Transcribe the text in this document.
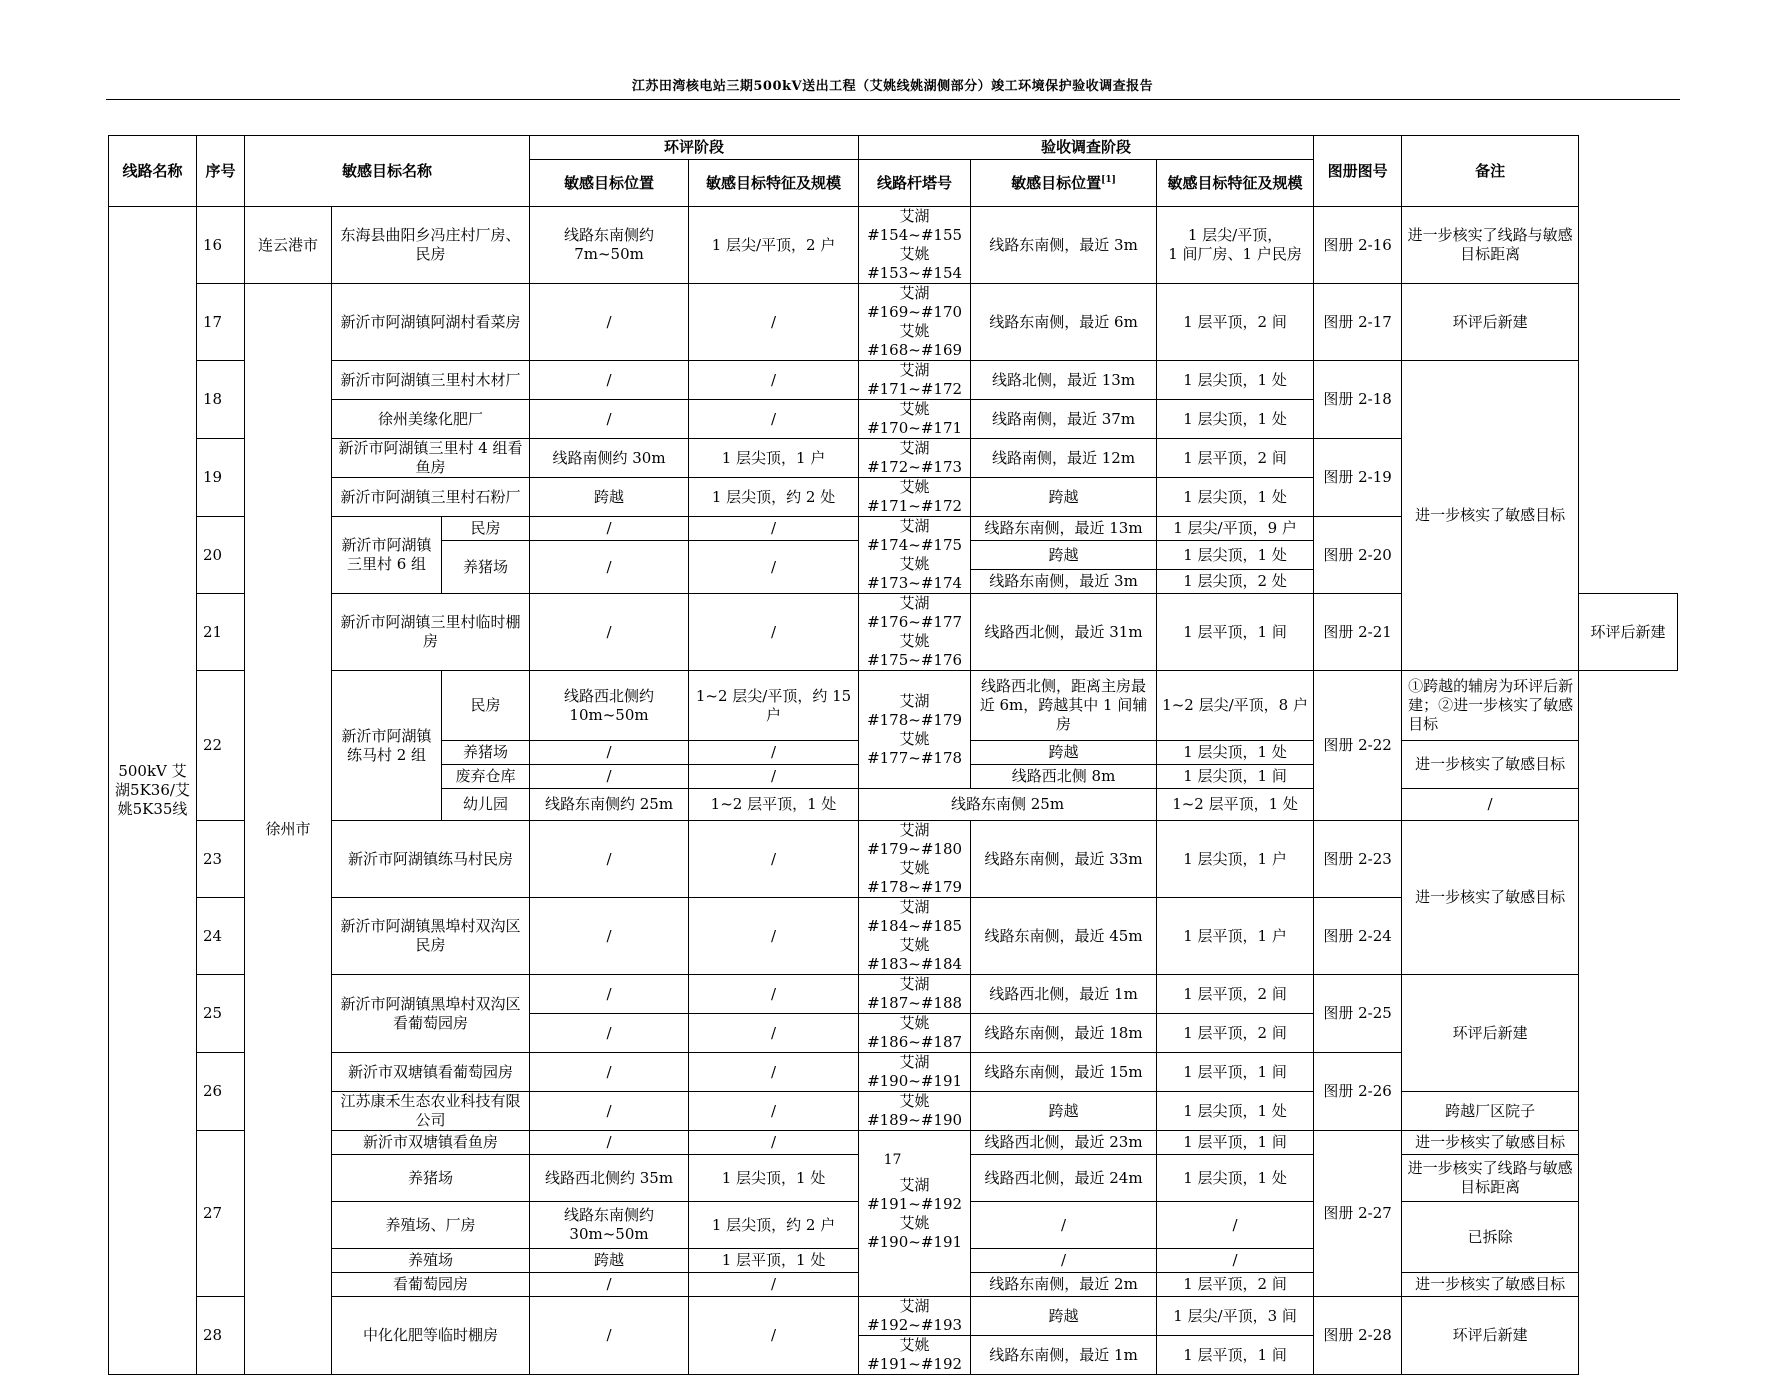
江苏田湾核电站三期500kV送出工程（艾姚线姚湖侧部分）竣工环境保护验收调查报告
线路名称	序号	敏感目标名称			环评阶段		验收调查阶段			图册图号	备注	
					敏感目标位置	敏感目标特征及规模	线路杆塔号	敏感目标位置[1]	敏感目标特征及规模			
500kV 艾湖5K36/艾姚5K35线	16	连云港市	东海县曲阳乡冯庄村厂房、民房		线路东南侧约 7m~50m	1 层尖/平顶，2 户	艾湖#154~#155
艾姚#153~#154	线路东南侧，最近 3m	1 层尖/平顶，
1 间厂房、1 户民房	图册 2-16	进一步核实了线路与敏感目标距离	
	17	徐州市	新沂市阿湖镇阿湖村看菜房		/	/	艾湖#169~#170
艾姚#168~#169	线路东南侧，最近 6m	1 层平顶，2 间	图册 2-17	环评后新建	
	18		新沂市阿湖镇三里村木材厂		/	/	艾湖#171~#172	线路北侧，最近 13m	1 层尖顶，1 处	图册 2-18	进一步核实了敏感目标	
			徐州美缘化肥厂		/	/	艾姚#170~#171	线路南侧，最近 37m	1 层尖顶，1 处			
	19		新沂市阿湖镇三里村 4 组看鱼房		线路南侧约 30m	1 层尖顶，1 户	艾湖#172~#173	线路南侧，最近 12m	1 层平顶，2 间	图册 2-19		
			新沂市阿湖镇三里村石粉厂		跨越	1 层尖顶，约 2 处	艾姚#171~#172	跨越	1 层尖顶，1 处			
	20		新沂市阿湖镇三里村 6 组	民房	/	/	艾湖#174~#175
艾姚#173~#174	线路东南侧，最近 13m	1 层尖/平顶，9 户	图册 2-20		
				养猪场	/	/		跨越	1 层尖顶，1 处			
								线路东南侧，最近 3m	1 层尖顶，2 处			
	21		新沂市阿湖镇三里村临时棚房		/	/	艾湖#176~#177
艾姚#175~#176	线路西北侧，最近 31m	1 层平顶，1 间	图册 2-21		环评后新建
	22		新沂市阿湖镇练马村 2 组	民房	线路西北侧约
10m~50m	1~2 层尖/平顶，约 15 户	艾湖#178~#179
艾姚#177~#178	线路西北侧，距离主房最近 6m，跨越其中 1 间辅房	1~2 层尖/平顶，8 户	图册 2-22	①跨越的辅房为环评后新建；②进一步核实了敏感目标	
				养猪场	/	/		跨越	1 层尖顶，1 处		进一步核实了敏感目标	
				废弃仓库	/	/		线路西北侧 8m	1 层尖顶，1 间			
				幼儿园	线路东南侧约 25m	1~2 层平顶，1 处	线路东南侧 25m		1~2 层平顶，1 处		/	
	23		新沂市阿湖镇练马村民房		/	/	艾湖#179~#180
艾姚#178~#179	线路东南侧，最近 33m	1 层尖顶，1 户	图册 2-23	进一步核实了敏感目标	
	24		新沂市阿湖镇黑埠村双沟区民房		/	/	艾湖#184~#185
艾姚#183~#184	线路东南侧，最近 45m	1 层平顶，1 户	图册 2-24		
	25		新沂市阿湖镇黑埠村双沟区看葡萄园房		/	/	艾湖#187~#188	线路西北侧，最近 1m	1 层平顶，2 间	图册 2-25	环评后新建	
					/	/	艾姚#186~#187	线路东南侧，最近 18m	1 层平顶，2 间			
	26		新沂市双塘镇看葡萄园房		/	/	艾湖#190~#191	线路东南侧，最近 15m	1 层平顶，1 间	图册 2-26		
			江苏康禾生态农业科技有限公司		/	/	艾姚#189~#190	跨越	1 层尖顶，1 处		跨越厂区院子	
	27		新沂市双塘镇看鱼房		/	/	艾湖#191~#192
艾姚#190~#191	线路西北侧，最近 23m	1 层平顶，1 间	图册 2-27	进一步核实了敏感目标	
			养猪场		线路西北侧约 35m	1 层尖顶，1 处		线路西北侧，最近 24m	1 层尖顶，1 处		进一步核实了线路与敏感目标距离	
			养殖场、厂房		线路东南侧约
30m~50m	1 层尖顶，约 2 户		/	/		已拆除	
			养殖场		跨越	1 层平顶，1 处		/	/			
			看葡萄园房		/	/		线路东南侧，最近 2m	1 层平顶，2 间		进一步核实了敏感目标	
	28		中化化肥等临时棚房		/	/	艾湖#192~#193	跨越	1 层尖/平顶，3 间	图册 2-28	环评后新建	
							艾姚#191~#192	线路东南侧，最近 1m	1 层平顶，1 间			
17
